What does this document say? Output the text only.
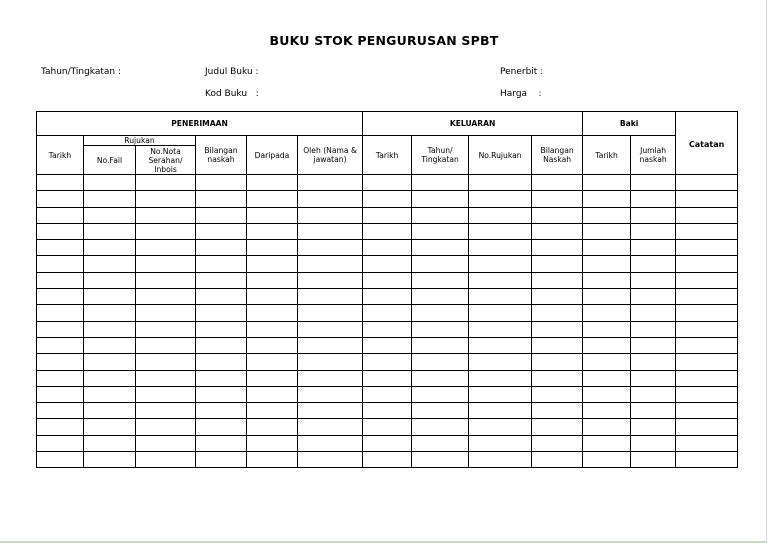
BUKU STOK PENGURUSAN SPBT
Tahun/Tingkatan :	Judul Buku :	Penerbit :
Kod Buku   :	Harga    :
PENERIMAAN						KELUARAN				Baki		Catatan
Tarikh	Rujukan		Bilangan naskah	Daripada	Oleh (Nama & jawatan)	Tarikh	Tahun/ Tingkatan	No.Rujukan	Bilangan Naskah	Tarikh	Jumlah naskah	
	No.Fail	No.Nota Serahan/ Inbois										
